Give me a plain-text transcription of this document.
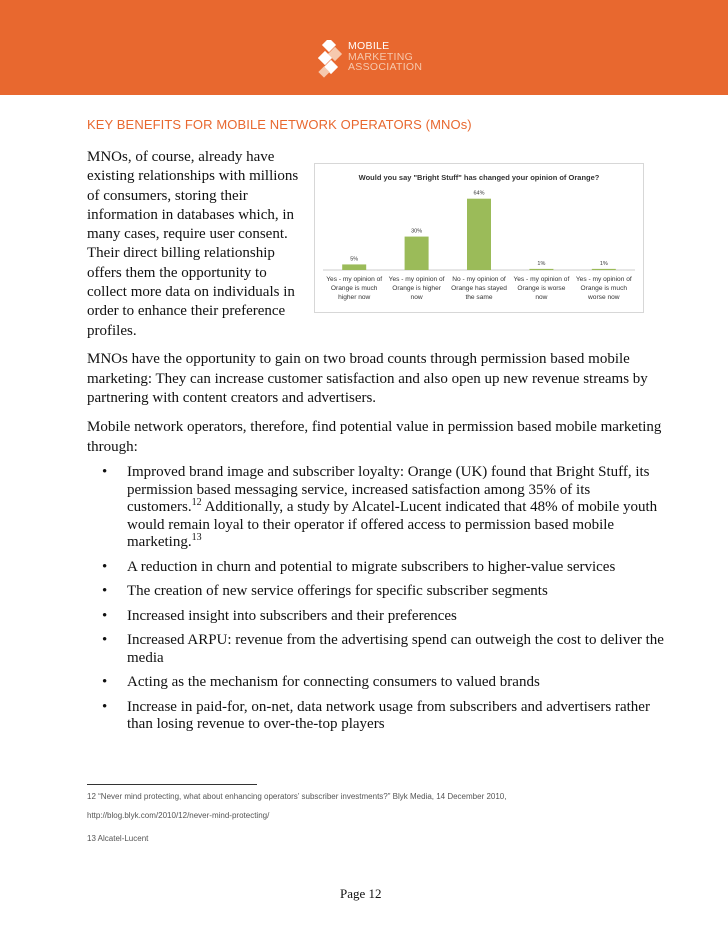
MOBILE
MARKETING
ASSOCIATION
KEY BENEFITS FOR MOBILE NETWORK OPERATORS (MNOs)
MNOs, of course, already have
existing relationships with millions
of consumers, storing their
information in databases which, in
many cases, require user consent.
Their direct billing relationship
offers them the opportunity to
collect more data on individuals in
order to enhance their preference
profiles.
Would you say "Bright Stuff" has changed your opinion of Orange?
5%
Yes - my opinion of
Orange is much
higher now
30%
Yes - my opinion of
Orange is higher
now
64%
No - my opinion of
Orange has stayed
the same
1%
Yes - my opinion of
Orange is worse
now
1%
Yes - my opinion of
Orange is much
worse now
MNOs have the opportunity to gain on two broad counts through permission based mobile
marketing: They can increase customer satisfaction and also open up new revenue streams by
partnering with content creators and advertisers.
Mobile network operators, therefore, find potential value in permission based mobile marketing
through:
• Improved brand image and subscriber loyalty: Orange (UK) found that Bright Stuff, its
permission based messaging service, increased satisfaction among 35% of its
customers.$^{12}$ Additionally, a study by Alcatel-Lucent indicated that 48% of mobile youth
would remain loyal to their operator if offered access to permission based mobile
marketing.$^{13}$
• A reduction in churn and potential to migrate subscribers to higher-value services
• The creation of new service offerings for specific subscriber segments
• Increased insight into subscribers and their preferences
• Increased ARPU: revenue from the advertising spend can outweigh the cost to deliver the
media
• Acting as the mechanism for connecting consumers to valued brands
• Increase in paid-for, on-net, data network usage from subscribers and advertisers rather
than losing revenue to over-the-top players
12 “Never mind protecting, what about enhancing operators’ subscriber investments?” Blyk Media, 14 December 2010,
http://blog.blyk.com/2010/12/never-mind-protecting/
13 Alcatel-Lucent
Page 12
